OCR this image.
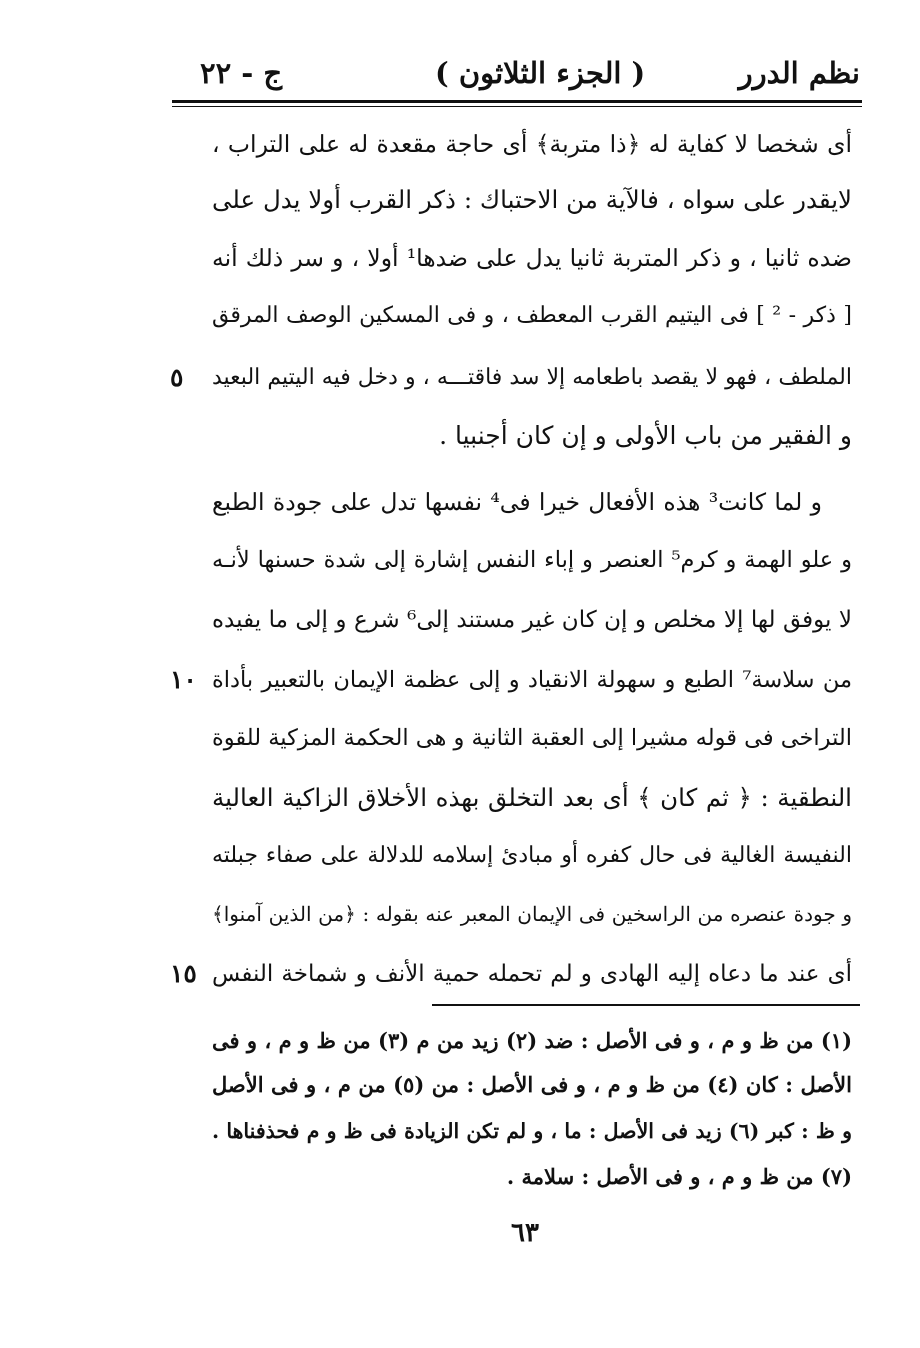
نظم الدرر
( الجزء الثلاثون )
ج - ٢٢
أى شخصا لا كفاية له ﴿ذا متربة﴾ أى حاجة مقعدة له على التراب ،
لايقدر على سواه ، فالآية من الاحتباك : ذكر القرب أولا يدل على
ضده ثانيا ، و ذكر المتربة ثانيا يدل على ضدها¹ أولا ، و سر ذلك أنه
[ ذكر - ² ] فى اليتيم القرب المعطف ، و فى المسكين الوصف المرقق
الملطف ، فهو لا يقصد باطعامه إلا سد فاقتـــه ، و دخل فيه اليتيم البعيد
٥
و الفقير من باب الأولى و إن كان أجنبيا .
و لما كانت³ هذه الأفعال خيرا فى⁴ نفسها تدل على جودة الطبع
و علو الهمة و كرم⁵ العنصر و إباء النفس إشارة إلى شدة حسنها لأنـه
لا يوفق لها إلا مخلص و إن كان غير مستند إلى⁶ شرع و إلى ما يفيده
من سلاسة⁷ الطبع و سهولة الانقياد و إلى عظمة الإيمان بالتعبير بأداة
١٠
التراخى فى قوله مشيرا إلى العقبة الثانية و هى الحكمة المزكية للقوة
النطقية : ﴿ ثم كان ﴾ أى بعد التخلق بهذه الأخلاق الزاكية العالية
النفيسة الغالية فى حال كفره أو مبادئ إسلامه للدلالة على صفاء جبلته
و جودة عنصره من الراسخين فى الإيمان المعبر عنه بقوله : ﴿من الذين آمنوا﴾
أى عند ما دعاه إليه الهادى و لم تحمله حمية الأنف و شماخة النفس
١٥
(١) من ظ و م ، و فى الأصل : ضد (٢) زيد من م (٣) من ظ و م ، و فى
الأصل : كان (٤) من ظ و م ، و فى الأصل : من (٥) من م ، و فى الأصل
و ظ : كبر (٦) زيد فى الأصل : ما ، و لم تكن الزيادة فى ظ و م فحذفناها .
(٧) من ظ و م ، و فى الأصل : سلامة .
٦٣
